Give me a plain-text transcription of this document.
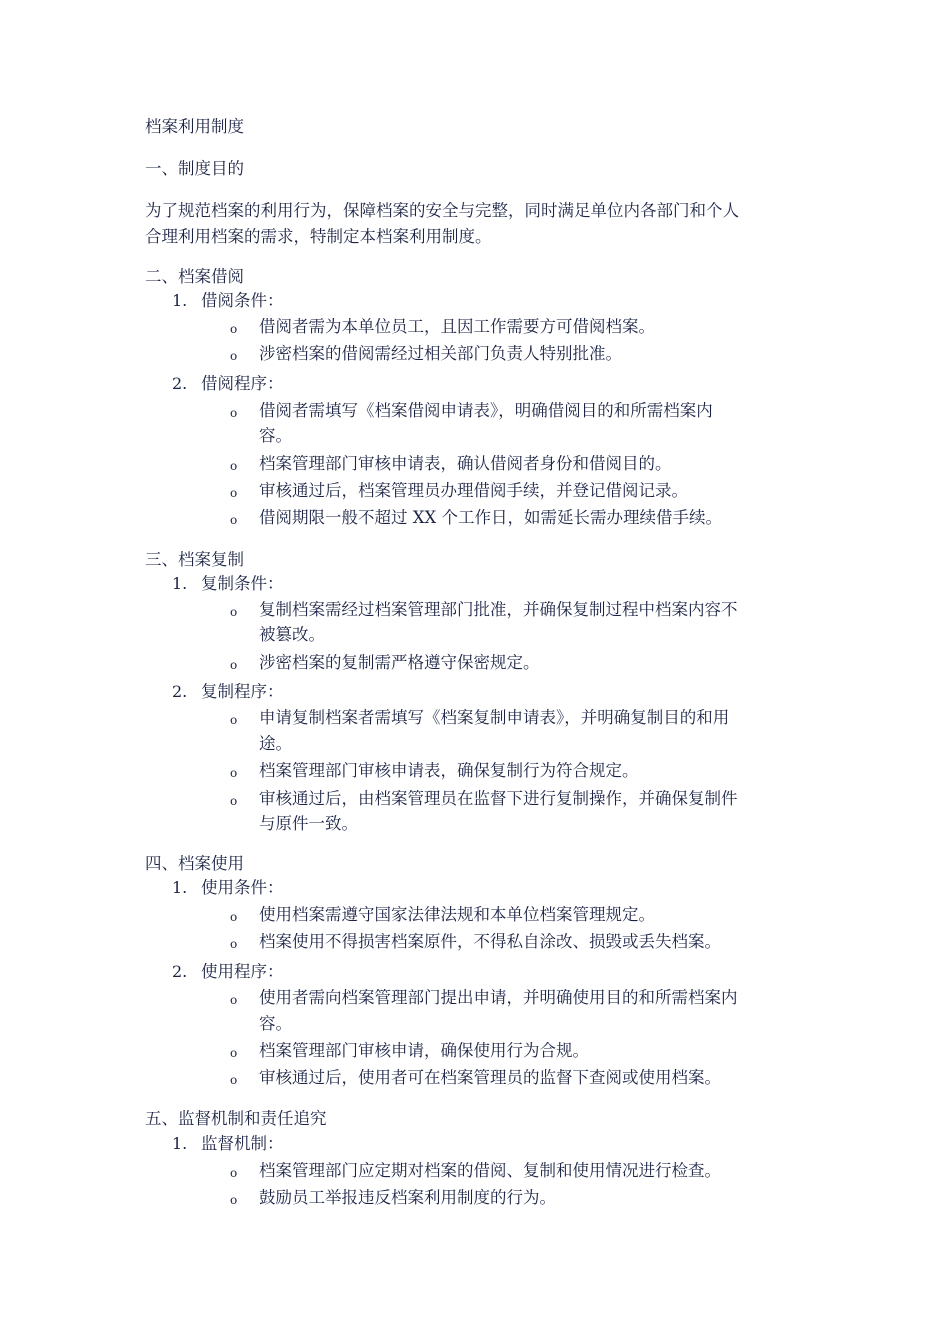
档案利用制度
一、制度目的
为了规范档案的利用行为，保障档案的安全与完整，同时满足单位内各部门和个人
合理利用档案的需求，特制定本档案利用制度。
二、档案借阅
1. 借阅条件：
o 借阅者需为本单位员工，且因工作需要方可借阅档案。
o 涉密档案的借阅需经过相关部门负责人特别批准。
2. 借阅程序：
o 借阅者需填写《档案借阅申请表》，明确借阅目的和所需档案内
容。
o 档案管理部门审核申请表，确认借阅者身份和借阅目的。
o 审核通过后，档案管理员办理借阅手续，并登记借阅记录。
o 借阅期限一般不超过 XX 个工作日，如需延长需办理续借手续。
三、档案复制
1. 复制条件：
o 复制档案需经过档案管理部门批准，并确保复制过程中档案内容不
被篡改。
o 涉密档案的复制需严格遵守保密规定。
2. 复制程序：
o 申请复制档案者需填写《档案复制申请表》，并明确复制目的和用
途。
o 档案管理部门审核申请表，确保复制行为符合规定。
o 审核通过后，由档案管理员在监督下进行复制操作，并确保复制件
与原件一致。
四、档案使用
1. 使用条件：
o 使用档案需遵守国家法律法规和本单位档案管理规定。
o 档案使用不得损害档案原件，不得私自涂改、损毁或丢失档案。
2. 使用程序：
o 使用者需向档案管理部门提出申请，并明确使用目的和所需档案内
容。
o 档案管理部门审核申请，确保使用行为合规。
o 审核通过后，使用者可在档案管理员的监督下查阅或使用档案。
五、监督机制和责任追究
1. 监督机制：
o 档案管理部门应定期对档案的借阅、复制和使用情况进行检查。
o 鼓励员工举报违反档案利用制度的行为。
